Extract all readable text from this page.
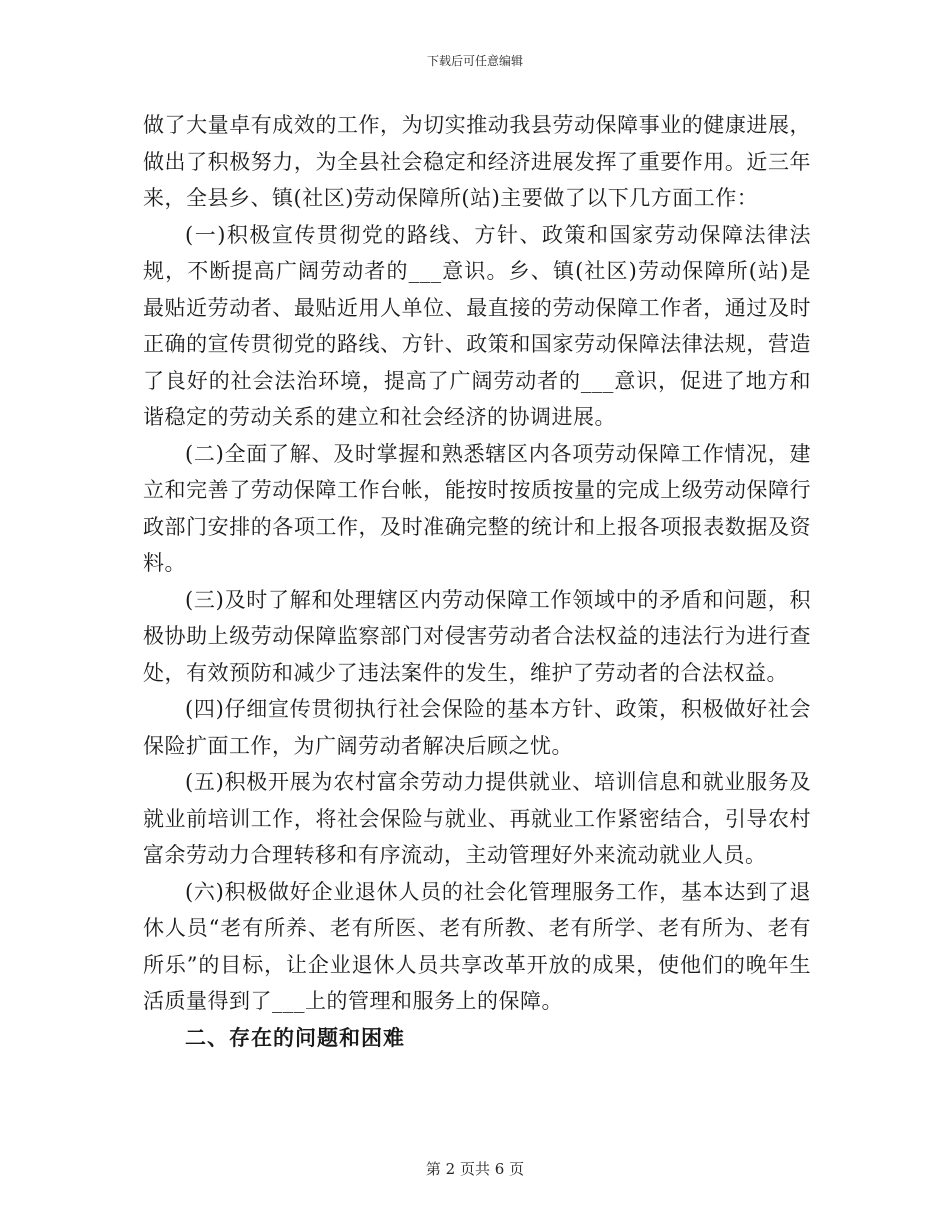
下载后可任意编辑

做了大量卓有成效的工作，为切实推动我县劳动保障事业的健康进展，做出了积极努力，为全县社会稳定和经济进展发挥了重要作用。近三年来，全县乡、镇(社区)劳动保障所(站)主要做了以下几方面工作：

(一)积极宣传贯彻党的路线、方针、政策和国家劳动保障法律法规，不断提高广阔劳动者的___意识。乡、镇(社区)劳动保障所(站)是最贴近劳动者、最贴近用人单位、最直接的劳动保障工作者，通过及时正确的宣传贯彻党的路线、方针、政策和国家劳动保障法律法规，营造了良好的社会法治环境，提高了广阔劳动者的___意识，促进了地方和谐稳定的劳动关系的建立和社会经济的协调进展。

(二)全面了解、及时掌握和熟悉辖区内各项劳动保障工作情况，建立和完善了劳动保障工作台帐，能按时按质按量的完成上级劳动保障行政部门安排的各项工作，及时准确完整的统计和上报各项报表数据及资料。

(三)及时了解和处理辖区内劳动保障工作领域中的矛盾和问题，积极协助上级劳动保障监察部门对侵害劳动者合法权益的违法行为进行查处，有效预防和减少了违法案件的发生，维护了劳动者的合法权益。

(四)仔细宣传贯彻执行社会保险的基本方针、政策，积极做好社会保险扩面工作，为广阔劳动者解决后顾之忧。

(五)积极开展为农村富余劳动力提供就业、培训信息和就业服务及就业前培训工作，将社会保险与就业、再就业工作紧密结合，引导农村富余劳动力合理转移和有序流动，主动管理好外来流动就业人员。

(六)积极做好企业退休人员的社会化管理服务工作，基本达到了退休人员“老有所养、老有所医、老有所教、老有所学、老有所为、老有所乐”的目标，让企业退休人员共享改革开放的成果，使他们的晚年生活质量得到了___上的管理和服务上的保障。

二、存在的问题和困难
第 2 页共 6 页
